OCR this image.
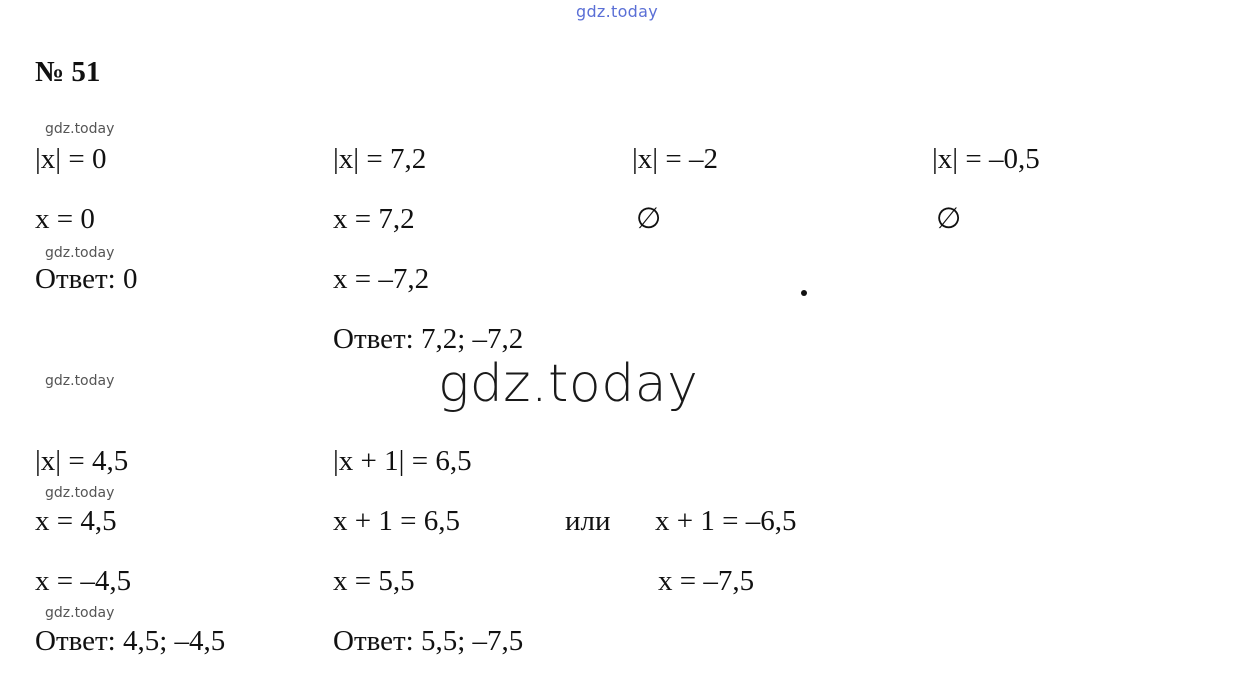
gdz.today
№ 51
gdz.today
gdz.today
gdz.today
gdz.today
gdz.today
gdz.today
|x| = 0
x = 0
Ответ: 0
|x| = 7,2
x = 7,2
x = –7,2
Ответ: 7,2; –7,2
|x| = –2
∅
|x| = –0,5
∅
|x| = 4,5
x = 4,5
x = –4,5
Ответ: 4,5; –4,5
|x + 1| = 6,5
x + 1 = 6,5
x = 5,5
Ответ: 5,5; –7,5
или x + 1 = –6,5
x = –7,5
